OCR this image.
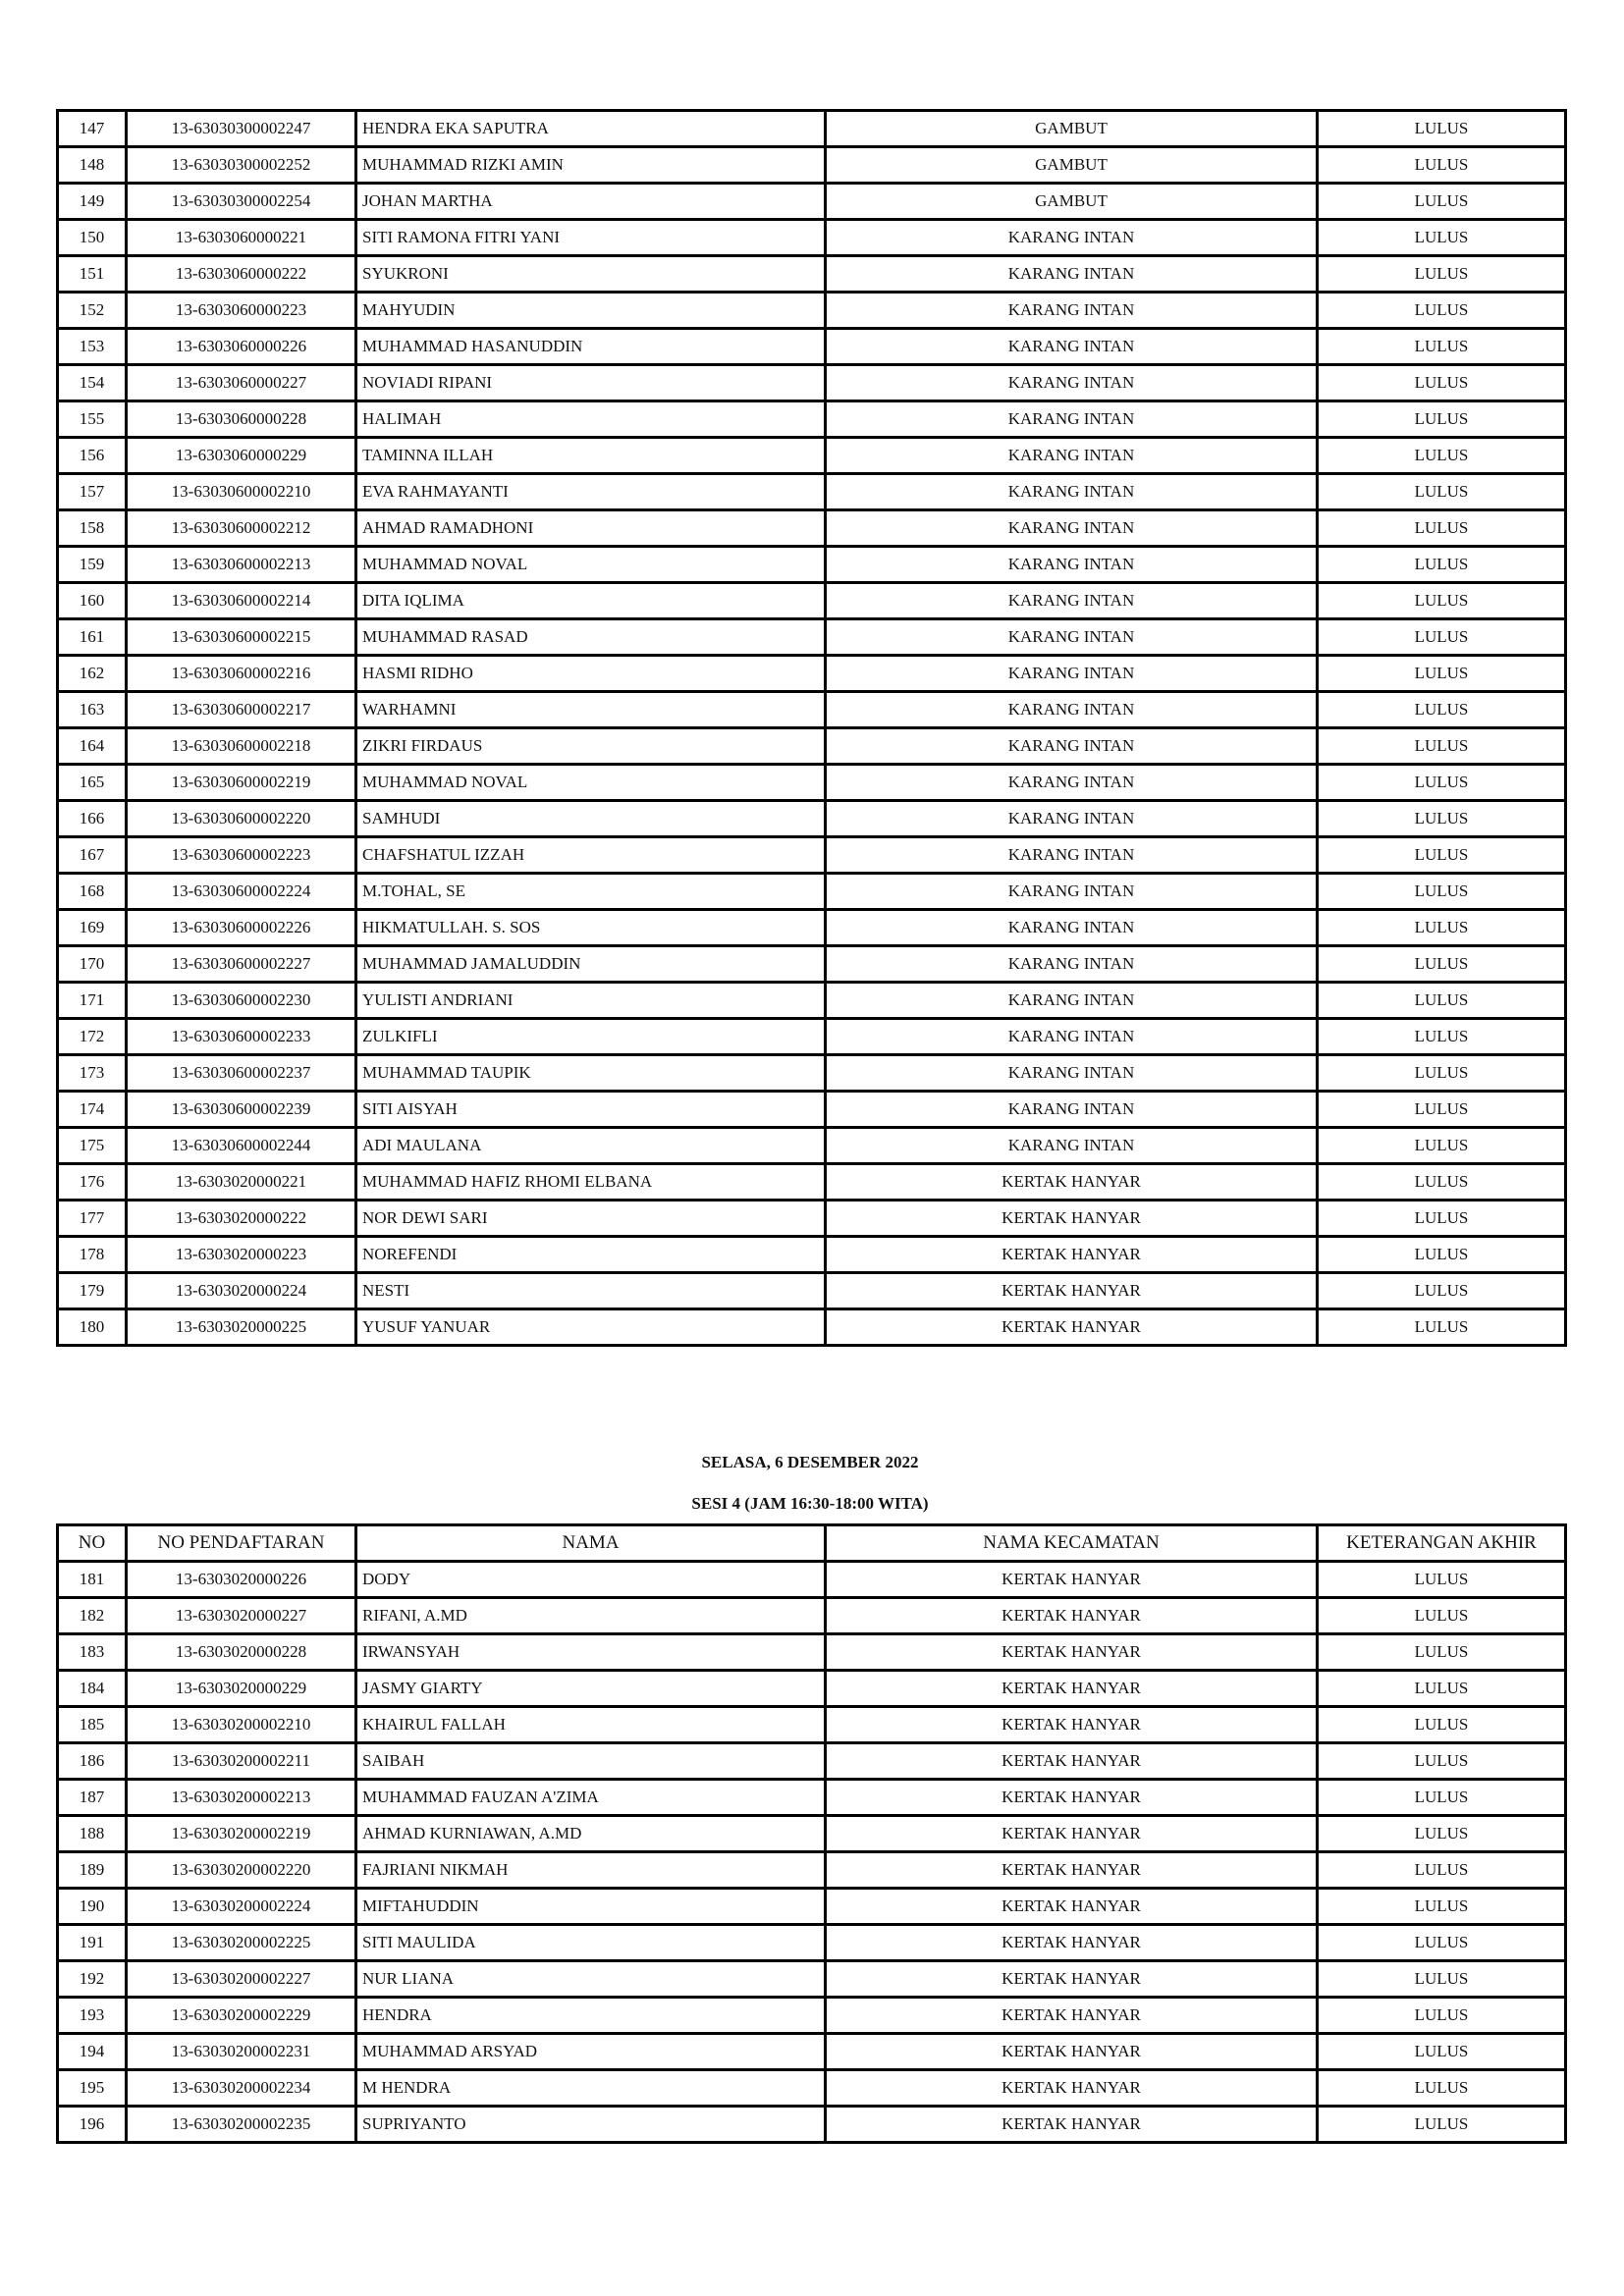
147	13-63030300002247	HENDRA EKA SAPUTRA	GAMBUT	LULUS
148	13-63030300002252	MUHAMMAD RIZKI AMIN	GAMBUT	LULUS
149	13-63030300002254	JOHAN MARTHA	GAMBUT	LULUS
150	13-6303060000221	SITI RAMONA FITRI YANI	KARANG INTAN	LULUS
151	13-6303060000222	SYUKRONI	KARANG INTAN	LULUS
152	13-6303060000223	MAHYUDIN	KARANG INTAN	LULUS
153	13-6303060000226	MUHAMMAD HASANUDDIN	KARANG INTAN	LULUS
154	13-6303060000227	NOVIADI RIPANI	KARANG INTAN	LULUS
155	13-6303060000228	HALIMAH	KARANG INTAN	LULUS
156	13-6303060000229	TAMINNA ILLAH	KARANG INTAN	LULUS
157	13-63030600002210	EVA RAHMAYANTI	KARANG INTAN	LULUS
158	13-63030600002212	AHMAD RAMADHONI	KARANG INTAN	LULUS
159	13-63030600002213	MUHAMMAD NOVAL	KARANG INTAN	LULUS
160	13-63030600002214	DITA IQLIMA	KARANG INTAN	LULUS
161	13-63030600002215	MUHAMMAD RASAD	KARANG INTAN	LULUS
162	13-63030600002216	HASMI RIDHO	KARANG INTAN	LULUS
163	13-63030600002217	WARHAMNI	KARANG INTAN	LULUS
164	13-63030600002218	ZIKRI FIRDAUS	KARANG INTAN	LULUS
165	13-63030600002219	MUHAMMAD NOVAL	KARANG INTAN	LULUS
166	13-63030600002220	SAMHUDI	KARANG INTAN	LULUS
167	13-63030600002223	CHAFSHATUL IZZAH	KARANG INTAN	LULUS
168	13-63030600002224	M.TOHAL, SE	KARANG INTAN	LULUS
169	13-63030600002226	HIKMATULLAH. S. SOS	KARANG INTAN	LULUS
170	13-63030600002227	MUHAMMAD JAMALUDDIN	KARANG INTAN	LULUS
171	13-63030600002230	YULISTI ANDRIANI	KARANG INTAN	LULUS
172	13-63030600002233	ZULKIFLI	KARANG INTAN	LULUS
173	13-63030600002237	MUHAMMAD TAUPIK	KARANG INTAN	LULUS
174	13-63030600002239	SITI AISYAH	KARANG INTAN	LULUS
175	13-63030600002244	ADI MAULANA	KARANG INTAN	LULUS
176	13-6303020000221	MUHAMMAD HAFIZ RHOMI ELBANA	KERTAK HANYAR	LULUS
177	13-6303020000222	NOR DEWI SARI	KERTAK HANYAR	LULUS
178	13-6303020000223	NOREFENDI	KERTAK HANYAR	LULUS
179	13-6303020000224	NESTI	KERTAK HANYAR	LULUS
180	13-6303020000225	YUSUF YANUAR	KERTAK HANYAR	LULUS
SELASA, 6 DESEMBER 2022
SESI 4 (JAM 16:30-18:00 WITA)
NO	NO PENDAFTARAN	NAMA	NAMA KECAMATAN	KETERANGAN AKHIR
181	13-6303020000226	DODY	KERTAK HANYAR	LULUS
182	13-6303020000227	RIFANI, A.MD	KERTAK HANYAR	LULUS
183	13-6303020000228	IRWANSYAH	KERTAK HANYAR	LULUS
184	13-6303020000229	JASMY GIARTY	KERTAK HANYAR	LULUS
185	13-63030200002210	KHAIRUL FALLAH	KERTAK HANYAR	LULUS
186	13-63030200002211	SAIBAH	KERTAK HANYAR	LULUS
187	13-63030200002213	MUHAMMAD FAUZAN A'ZIMA	KERTAK HANYAR	LULUS
188	13-63030200002219	AHMAD KURNIAWAN, A.MD	KERTAK HANYAR	LULUS
189	13-63030200002220	FAJRIANI NIKMAH	KERTAK HANYAR	LULUS
190	13-63030200002224	MIFTAHUDDIN	KERTAK HANYAR	LULUS
191	13-63030200002225	SITI MAULIDA	KERTAK HANYAR	LULUS
192	13-63030200002227	NUR LIANA	KERTAK HANYAR	LULUS
193	13-63030200002229	HENDRA	KERTAK HANYAR	LULUS
194	13-63030200002231	MUHAMMAD ARSYAD	KERTAK HANYAR	LULUS
195	13-63030200002234	M HENDRA	KERTAK HANYAR	LULUS
196	13-63030200002235	SUPRIYANTO	KERTAK HANYAR	LULUS
